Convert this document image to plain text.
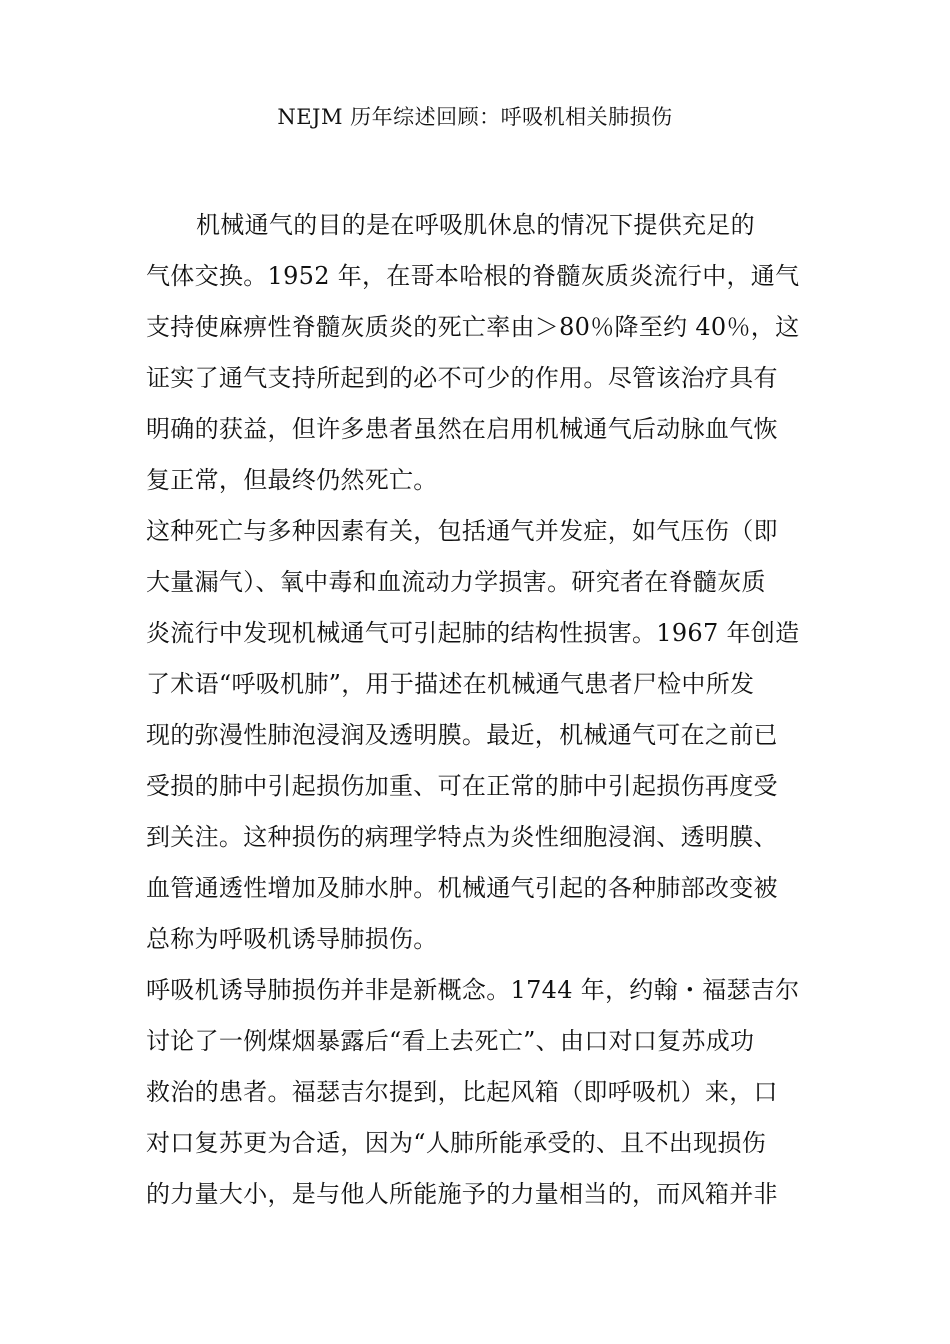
NEJM 历年综述回顾：呼吸机相关肺损伤
机械通气的目的是在呼吸肌休息的情况下提供充足的
气体交换。1952 年，在哥本哈根的脊髓灰质炎流行中，通气
支持使麻痹性脊髓灰质炎的死亡率由＞80％降至约 40％，这
证实了通气支持所起到的必不可少的作用。尽管该治疗具有
明确的获益，但许多患者虽然在启用机械通气后动脉血气恢
复正常，但最终仍然死亡。
这种死亡与多种因素有关，包括通气并发症，如气压伤（即
大量漏气）、氧中毒和血流动力学损害。研究者在脊髓灰质
炎流行中发现机械通气可引起肺的结构性损害。1967 年创造
了术语“呼吸机肺”，用于描述在机械通气患者尸检中所发
现的弥漫性肺泡浸润及透明膜。最近，机械通气可在之前已
受损的肺中引起损伤加重、可在正常的肺中引起损伤再度受
到关注。这种损伤的病理学特点为炎性细胞浸润、透明膜、
血管通透性增加及肺水肿。机械通气引起的各种肺部改变被
总称为呼吸机诱导肺损伤。
呼吸机诱导肺损伤并非是新概念。1744 年，约翰・福瑟吉尔
讨论了一例煤烟暴露后“看上去死亡”、由口对口复苏成功
救治的患者。福瑟吉尔提到，比起风箱（即呼吸机）来，口
对口复苏更为合适，因为“人肺所能承受的、且不出现损伤
的力量大小，是与他人所能施予的力量相当的，而风箱并非
